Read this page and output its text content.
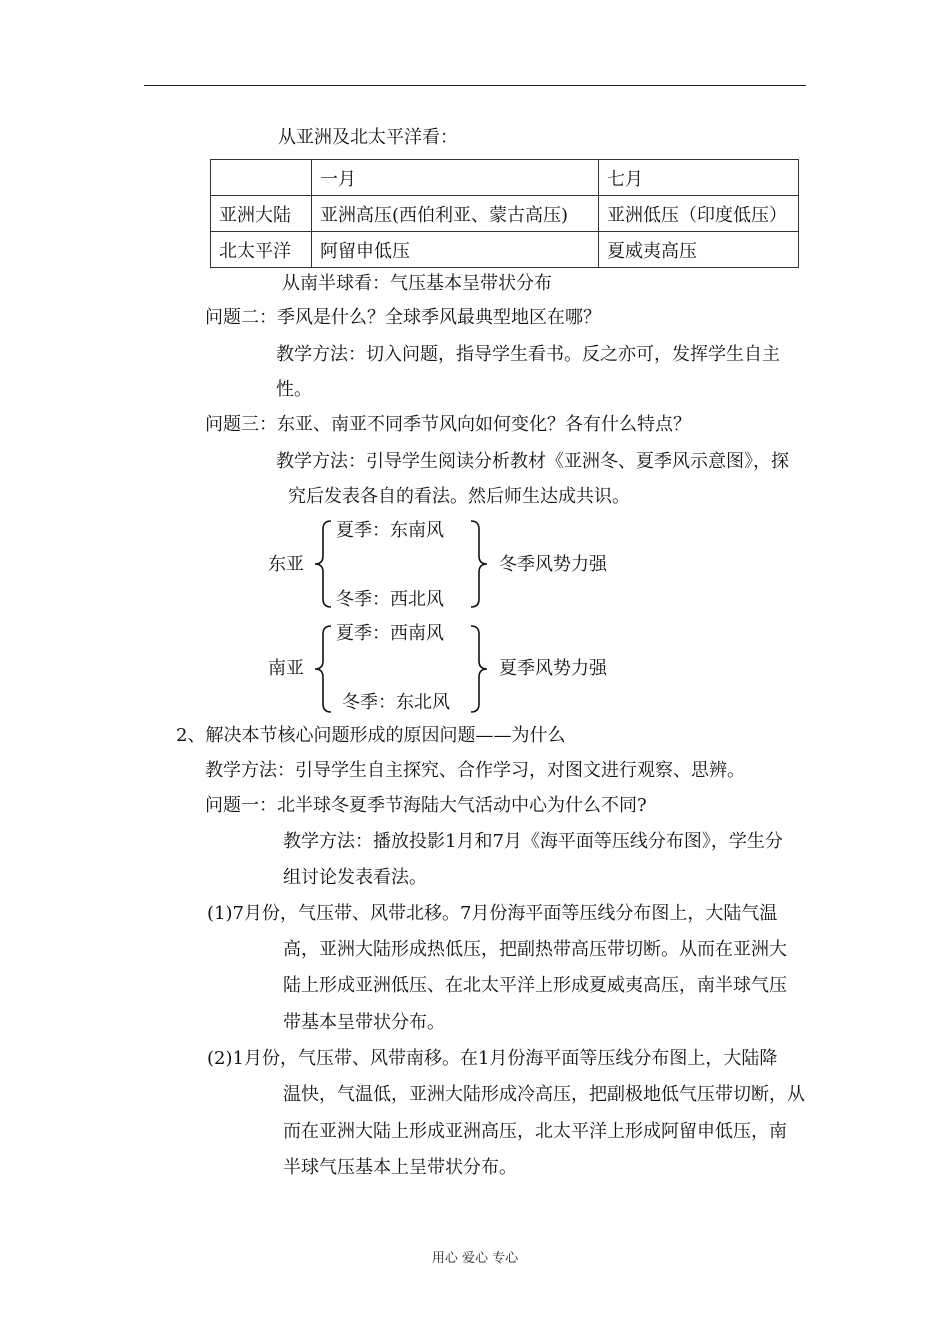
从亚洲及北太平洋看：
	一月	七月
亚洲大陆	亚洲高压(西伯利亚、蒙古高压)	亚洲低压（印度低压）
北太平洋	阿留申低压	夏威夷高压
从南半球看：气压基本呈带状分布
问题二：季风是什么？全球季风最典型地区在哪？
教学方法：切入问题，指导学生看书。反之亦可，发挥学生自主
性。
问题三：东亚、南亚不同季节风向如何变化？各有什么特点？
教学方法：引导学生阅读分析教材《亚洲冬、夏季风示意图》，探
究后发表各自的看法。然后师生达成共识。
东亚
夏季：东南风
冬季：西北风
冬季风势力强
南亚
夏季：西南风
冬季：东北风
夏季风势力强
2、解决本节核心问题形成的原因问题——为什么
教学方法：引导学生自主探究、合作学习，对图文进行观察、思辨。
问题一：北半球冬夏季节海陆大气活动中心为什么不同?
教学方法：播放投影1月和7月《海平面等压线分布图》，学生分
组讨论发表看法。
(1)7月份，气压带、风带北移。7月份海平面等压线分布图上，大陆气温
高，亚洲大陆形成热低压，把副热带高压带切断。从而在亚洲大
陆上形成亚洲低压、在北太平洋上形成夏威夷高压，南半球气压
带基本呈带状分布。
(2)1月份，气压带、风带南移。在1月份海平面等压线分布图上，大陆降
温快，气温低，亚洲大陆形成冷高压，把副极地低气压带切断，从
而在亚洲大陆上形成亚洲高压，北太平洋上形成阿留申低压，南
半球气压基本上呈带状分布。
用心 爱心 专心
